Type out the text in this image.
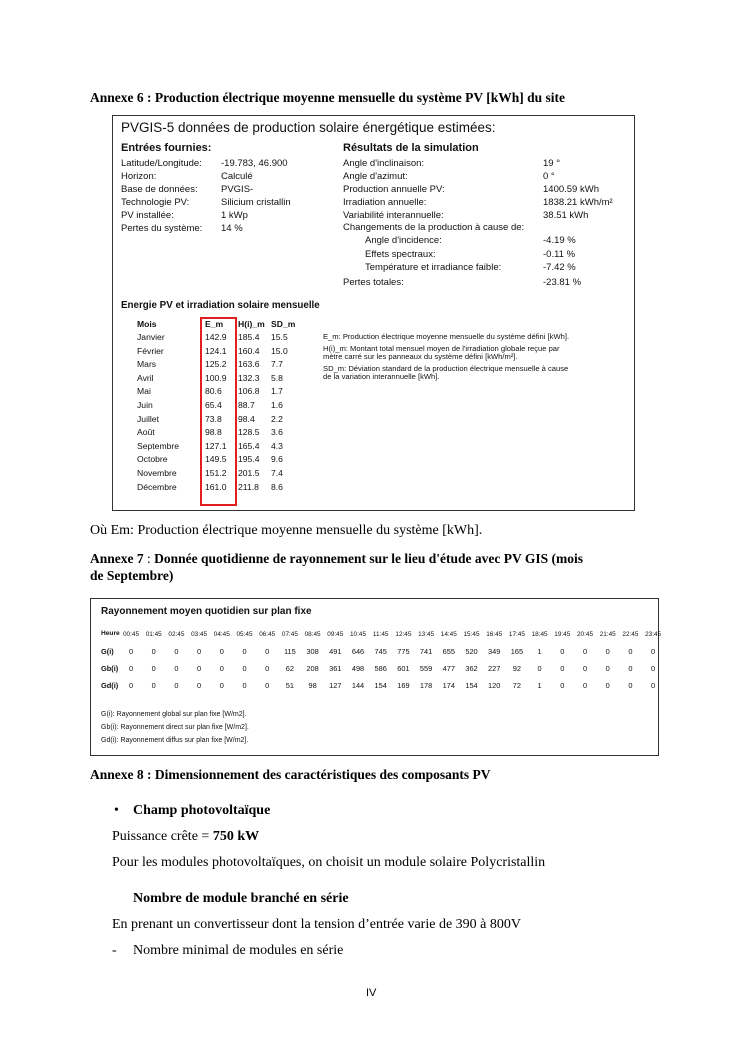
Annexe 6 : Production électrique moyenne mensuelle du système PV [kWh] du site
PVGIS-5 données de production solaire énergétique estimées:
Entrées fournies:
Latitude/Longitude: -19.783, 46.900
Horizon:	Calculé
Base de données: PVGIS-
Technologie PV:	Silicium cristallin
PV installée:	1 kWp
Pertes du système: 14 %
Résultats de la simulation
Angle d'inclinaison:	19 °
Angle d'azimut:	0 °
Production annuelle PV:	1400.59 kWh
Irradiation annuelle:	1838.21 kWh/m²
Variabilité interannuelle:	38.51 kWh
Changements de la production à cause de:
Angle d'incidence:	-4.19 %
Effets spectraux:	-0.11 %
Température et irradiance faible:	-7.42 %
Pertes totales:	-23.81 %
Energie PV et irradiation solaire mensuelle
Mois	E_m H(i)_m SD_m
Janvier	142.9 185.4 15.5
Février	124.1 160.4 15.0
Mars	125.2 163.6 7.7
Avril	100.9 132.3 5.8
Mai	80.6 106.8 1.7
Juin	65.4 88.7 1.6
Juillet	73.8 98.4 2.2
Août	98.8 128.5 3.6
Septembre	127.1 165.4 4.3
Octobre	149.5 195.4 9.6
Novembre	151.2 201.5 7.4
Décembre	161.0 211.8 8.6
E_m: Production électrique moyenne mensuelle du système défini [kWh].
H(i)_m: Montant total mensuel moyen de l'irradiation globale reçue par
mètre carré sur les panneaux du système défini [kWh/m²].
SD_m: Déviation standard de la production électrique mensuelle à cause
de la variation interannuelle [kWh].
Où Em: Production électrique moyenne mensuelle du système [kWh].
Annexe 7 : Donnée quotidienne de rayonnement sur le lieu d'étude avec PV GIS (mois
de Septembre)
Rayonnement moyen quotidien sur plan fixe
Heure 00:45	01:45	02:45	03:45	04:45	05:45	06:45	07:45	08:45	09:45	10:45	11:45	12:45	13:45	14:45	15:45	16:45	17:45	18:45	19:45	20:45	21:45	22:45	23:45
G(i)	0	0	0	0	0	0	0	115	308	491	646	745	775	741	655	520	349	165	1	0	0	0	0	0
Gb(i)	0	0	0	0	0	0	0	62	208	361	498	586	601	559	477	362	227	92	0	0	0	0	0	0
Gd(i)	0	0	0	0	0	0	0	51	98	127	144	154	169	178	174	154	120	72	1	0	0	0	0	0
G(i): Rayonnement global sur plan fixe [W/m2].
Gb(i): Rayonnement direct sur plan fixe [W/m2].
Gd(i): Rayonnement diffus sur plan fixe [W/m2].
Annexe 8 : Dimensionnement des caractéristiques des composants PV
• Champ photovoltaïque
Puissance crête = 750 kW
Pour les modules photovoltaïques, on choisit un module solaire Polycristallin
Nombre de module branché en série
En prenant un convertisseur dont la tension d’entrée varie de 390 à 800V
- Nombre minimal de modules en série
IV
